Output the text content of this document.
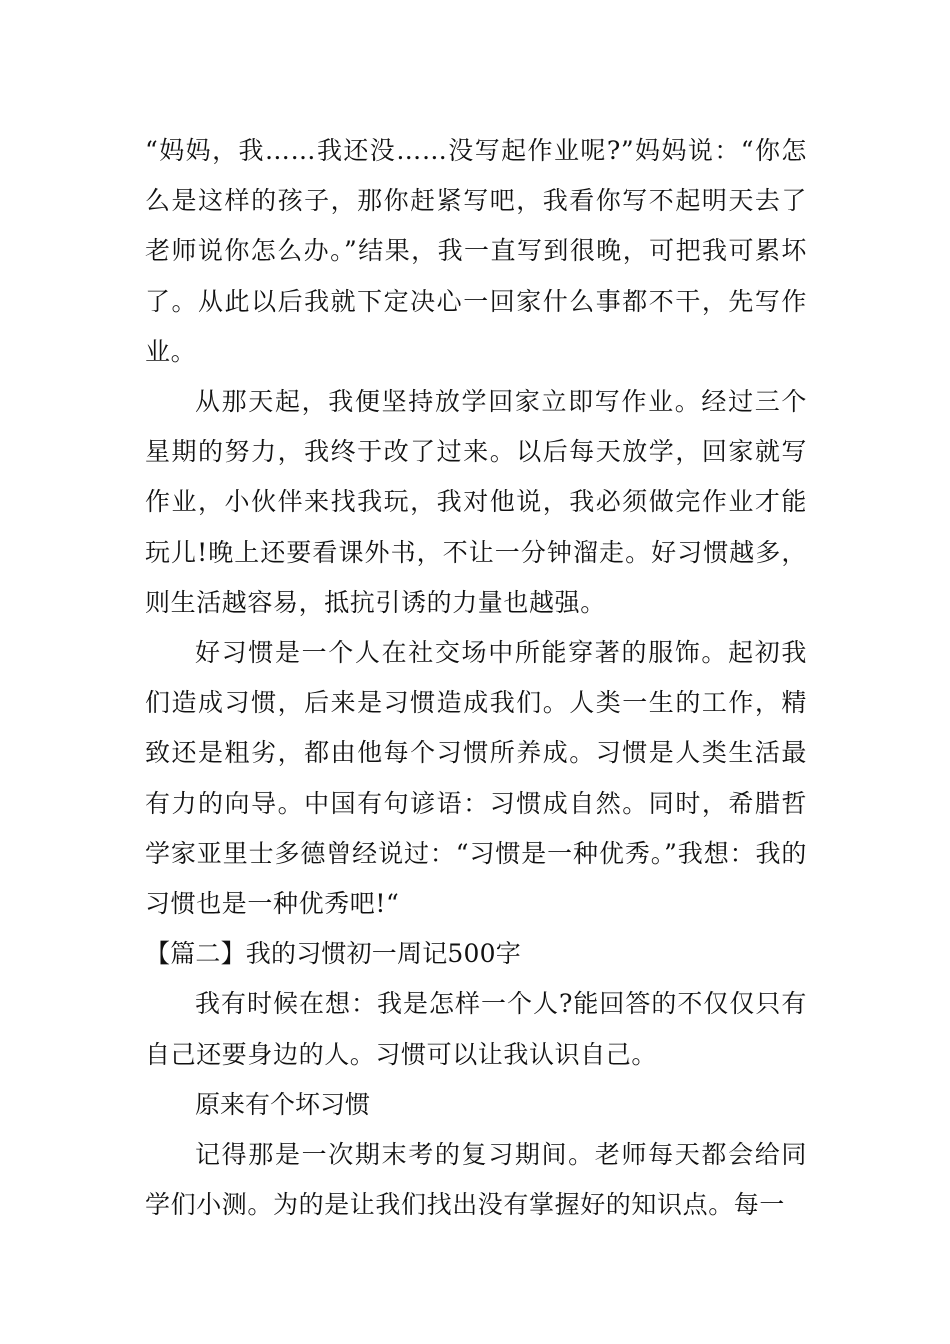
“妈妈，我……我还没……没写起作业呢?”妈妈说：“你怎么是这样的孩子，那你赶紧写吧，我看你写不起明天去了老师说你怎么办。”结果，我一直写到很晚，可把我可累坏了。从此以后我就下定决心一回家什么事都不干，先写作业。

从那天起，我便坚持放学回家立即写作业。经过三个星期的努力，我终于改了过来。以后每天放学，回家就写作业，小伙伴来找我玩，我对他说，我必须做完作业才能玩儿!晚上还要看课外书，不让一分钟溜走。好习惯越多，则生活越容易，抵抗引诱的力量也越强。

好习惯是一个人在社交场中所能穿著的服饰。起初我们造成习惯，后来是习惯造成我们。人类一生的工作，精致还是粗劣，都由他每个习惯所养成。习惯是人类生活最有力的向导。中国有句谚语：习惯成自然。同时，希腊哲学家亚里士多德曾经说过：“习惯是一种优秀。”我想：我的习惯也是一种优秀吧!“

【篇二】我的习惯初一周记500字

我有时候在想：我是怎样一个人?能回答的不仅仅只有自己还要身边的人。习惯可以让我认识自己。

原来有个坏习惯

记得那是一次期末考的复习期间。老师每天都会给同学们小测。为的是让我们找出没有掌握好的知识点。每一
